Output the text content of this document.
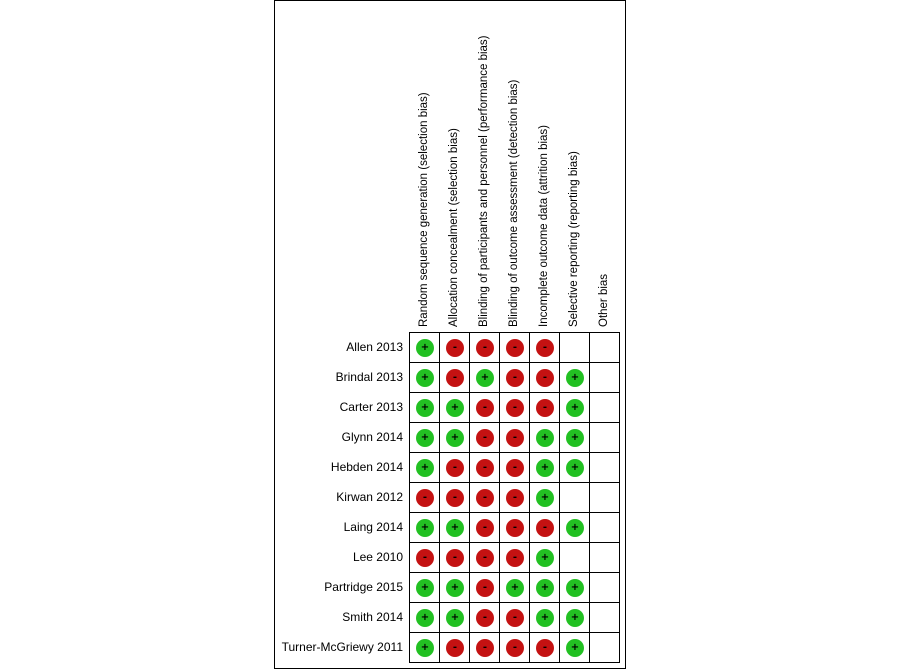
Random sequence generation (selection bias) Allocation concealment (selection bias) Blinding of participants and personnel (performance bias) Blinding of outcome assessment (detection bias) Incomplete outcome data (attrition bias) Selective reporting (reporting bias) Other bias
Allen 2013	+	-	-	-	-
Brindal 2013	+	-	+	-	-	+
Carter 2013	+	+	-	-	-	+
Glynn 2014	+	+	-	-	+	+
Hebden 2014	+	-	-	-	+	+
Kirwan 2012	-	-	-	-	+
Laing 2014	+	+	-	-	-	+
Lee 2010	-	-	-	-	+
Partridge 2015	+	+	-	+	+	+
Smith 2014	+	+	-	-	+	+
Turner-McGriewy 2011	+	-	-	-	-	+
